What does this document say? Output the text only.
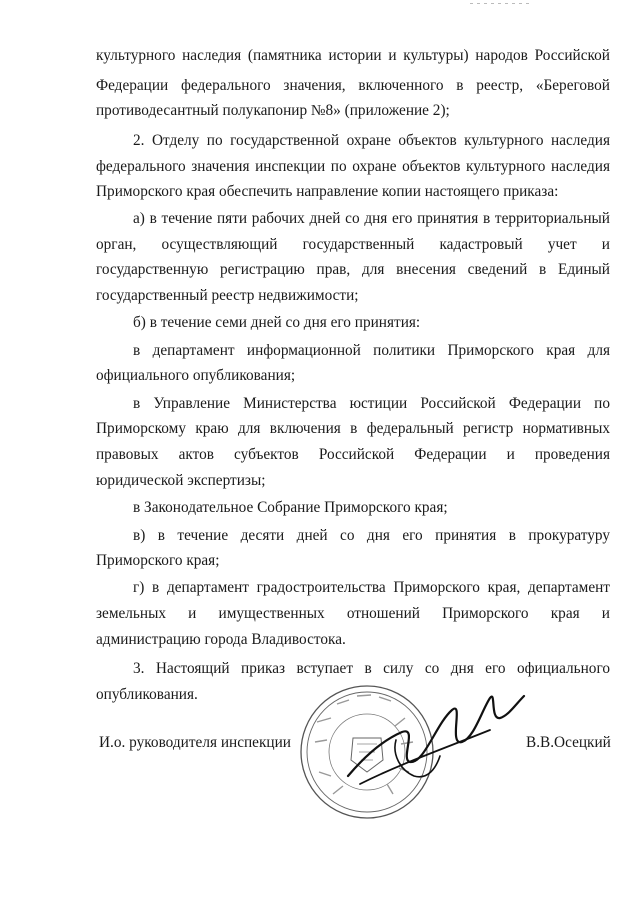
культурного наследия (памятника истории и культуры) народов Российской
Федерации федерального значения, включенного в реестр, «Береговой
противодесантный полукапонир №8» (приложение 2);
2. Отделу по государственной охране объектов культурного наследия
федерального значения инспекции по охране объектов культурного наследия
Приморского края обеспечить направление копии настоящего приказа:
а) в течение пяти рабочих дней со дня его принятия в территориальный
орган, осуществляющий государственный кадастровый учет и
государственную регистрацию прав, для внесения сведений в Единый
государственный реестр недвижимости;
б) в течение семи дней со дня его принятия:
в департамент информационной политики Приморского края для
официального опубликования;
в Управление Министерства юстиции Российской Федерации по
Приморскому краю для включения в федеральный регистр нормативных
правовых актов субъектов Российской Федерации и проведения
юридической экспертизы;
в Законодательное Собрание Приморского края;
в) в течение десяти дней со дня его принятия в прокуратуру
Приморского края;
г) в департамент градостроительства Приморского края, департамент
земельных и имущественных отношений Приморского края и
администрацию города Владивостока.
3. Настоящий приказ вступает в силу со дня его официального
опубликования.
И.о. руководителя инспекции	В.В.Осецкий
